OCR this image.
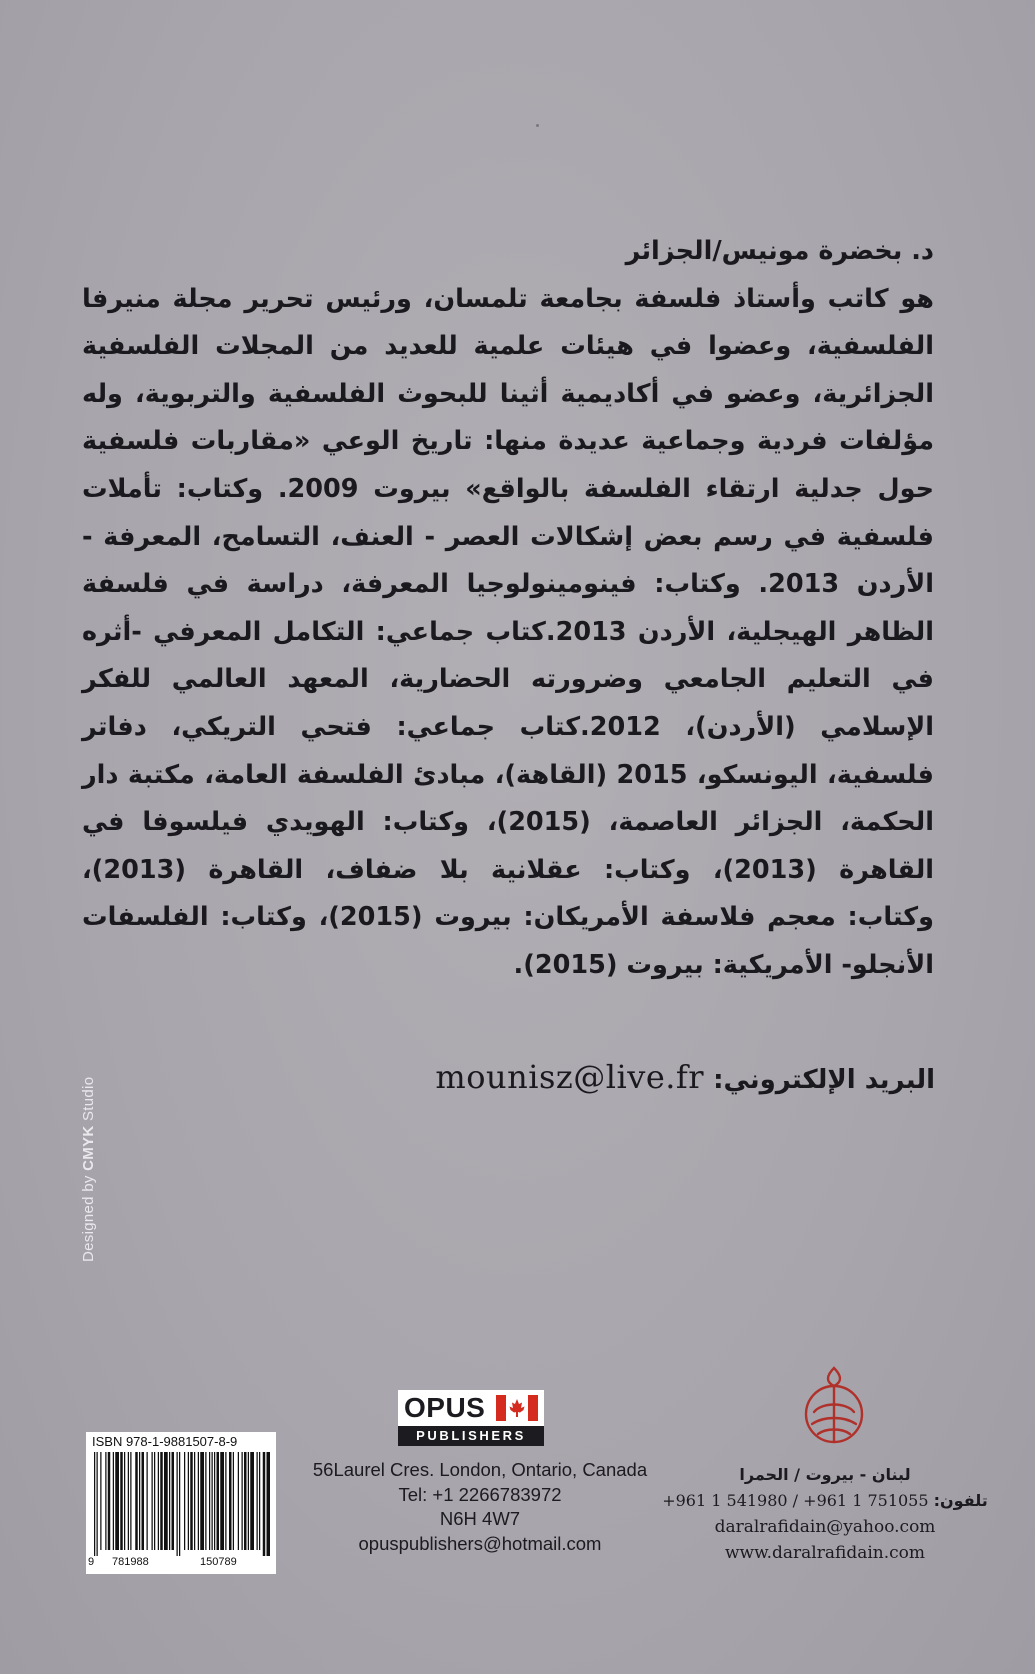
د. بخضرة مونيس/الجزائر

هو كاتب وأستاذ فلسفة بجامعة تلمسان، ورئيس تحرير مجلة منيرفا الفلسفية، وعضوا في هيئات علمية للعديد من المجلات الفلسفية الجزائرية، وعضو في أكاديمية أثينا للبحوث الفلسفية والتربوية، وله مؤلفات فردية وجماعية عديدة منها: تاريخ الوعي «مقاربات فلسفية حول جدلية ارتقاء الفلسفة بالواقع» بيروت 2009. وكتاب: تأملات فلسفية في رسم بعض إشكالات العصر - العنف، التسامح، المعرفة - الأردن 2013. وكتاب: فينومينولوجيا المعرفة، دراسة في فلسفة الظاهر الهيجلية، الأردن 2013.كتاب جماعي: التكامل المعرفي -أثره في التعليم الجامعي وضرورته الحضارية، المعهد العالمي للفكر الإسلامي (الأردن)، 2012.كتاب جماعي: فتحي التريكي، دفاتر فلسفية، اليونسكو، 2015 (القاهة)، مبادئ الفلسفة العامة، مكتبة دار الحكمة، الجزائر العاصمة، (2015)، وكتاب: الهويدي فيلسوفا في القاهرة (2013)، وكتاب: عقلانية بلا ضفاف، القاهرة (2013)، وكتاب: معجم فلاسفة الأمريكان: بيروت (2015)، وكتاب: الفلسفات الأنجلو- الأمريكية: بيروت (2015).

البريد الإلكتروني: mounisz@live.fr
Designed by CMYK Studio
ISBN 978-1-9881507-8-9
9 781988	150789
OPUS
PUBLISHERS
56Laurel Cres. London, Ontario, Canada
Tel: +1 2266783972
N6H 4W7
opuspublishers@hotmail.com
لبنان - بيروت / الحمرا
تلفون: +961 1 541980 / +961 1 751055
daralrafidain@yahoo.com
www.daralrafidain.com
